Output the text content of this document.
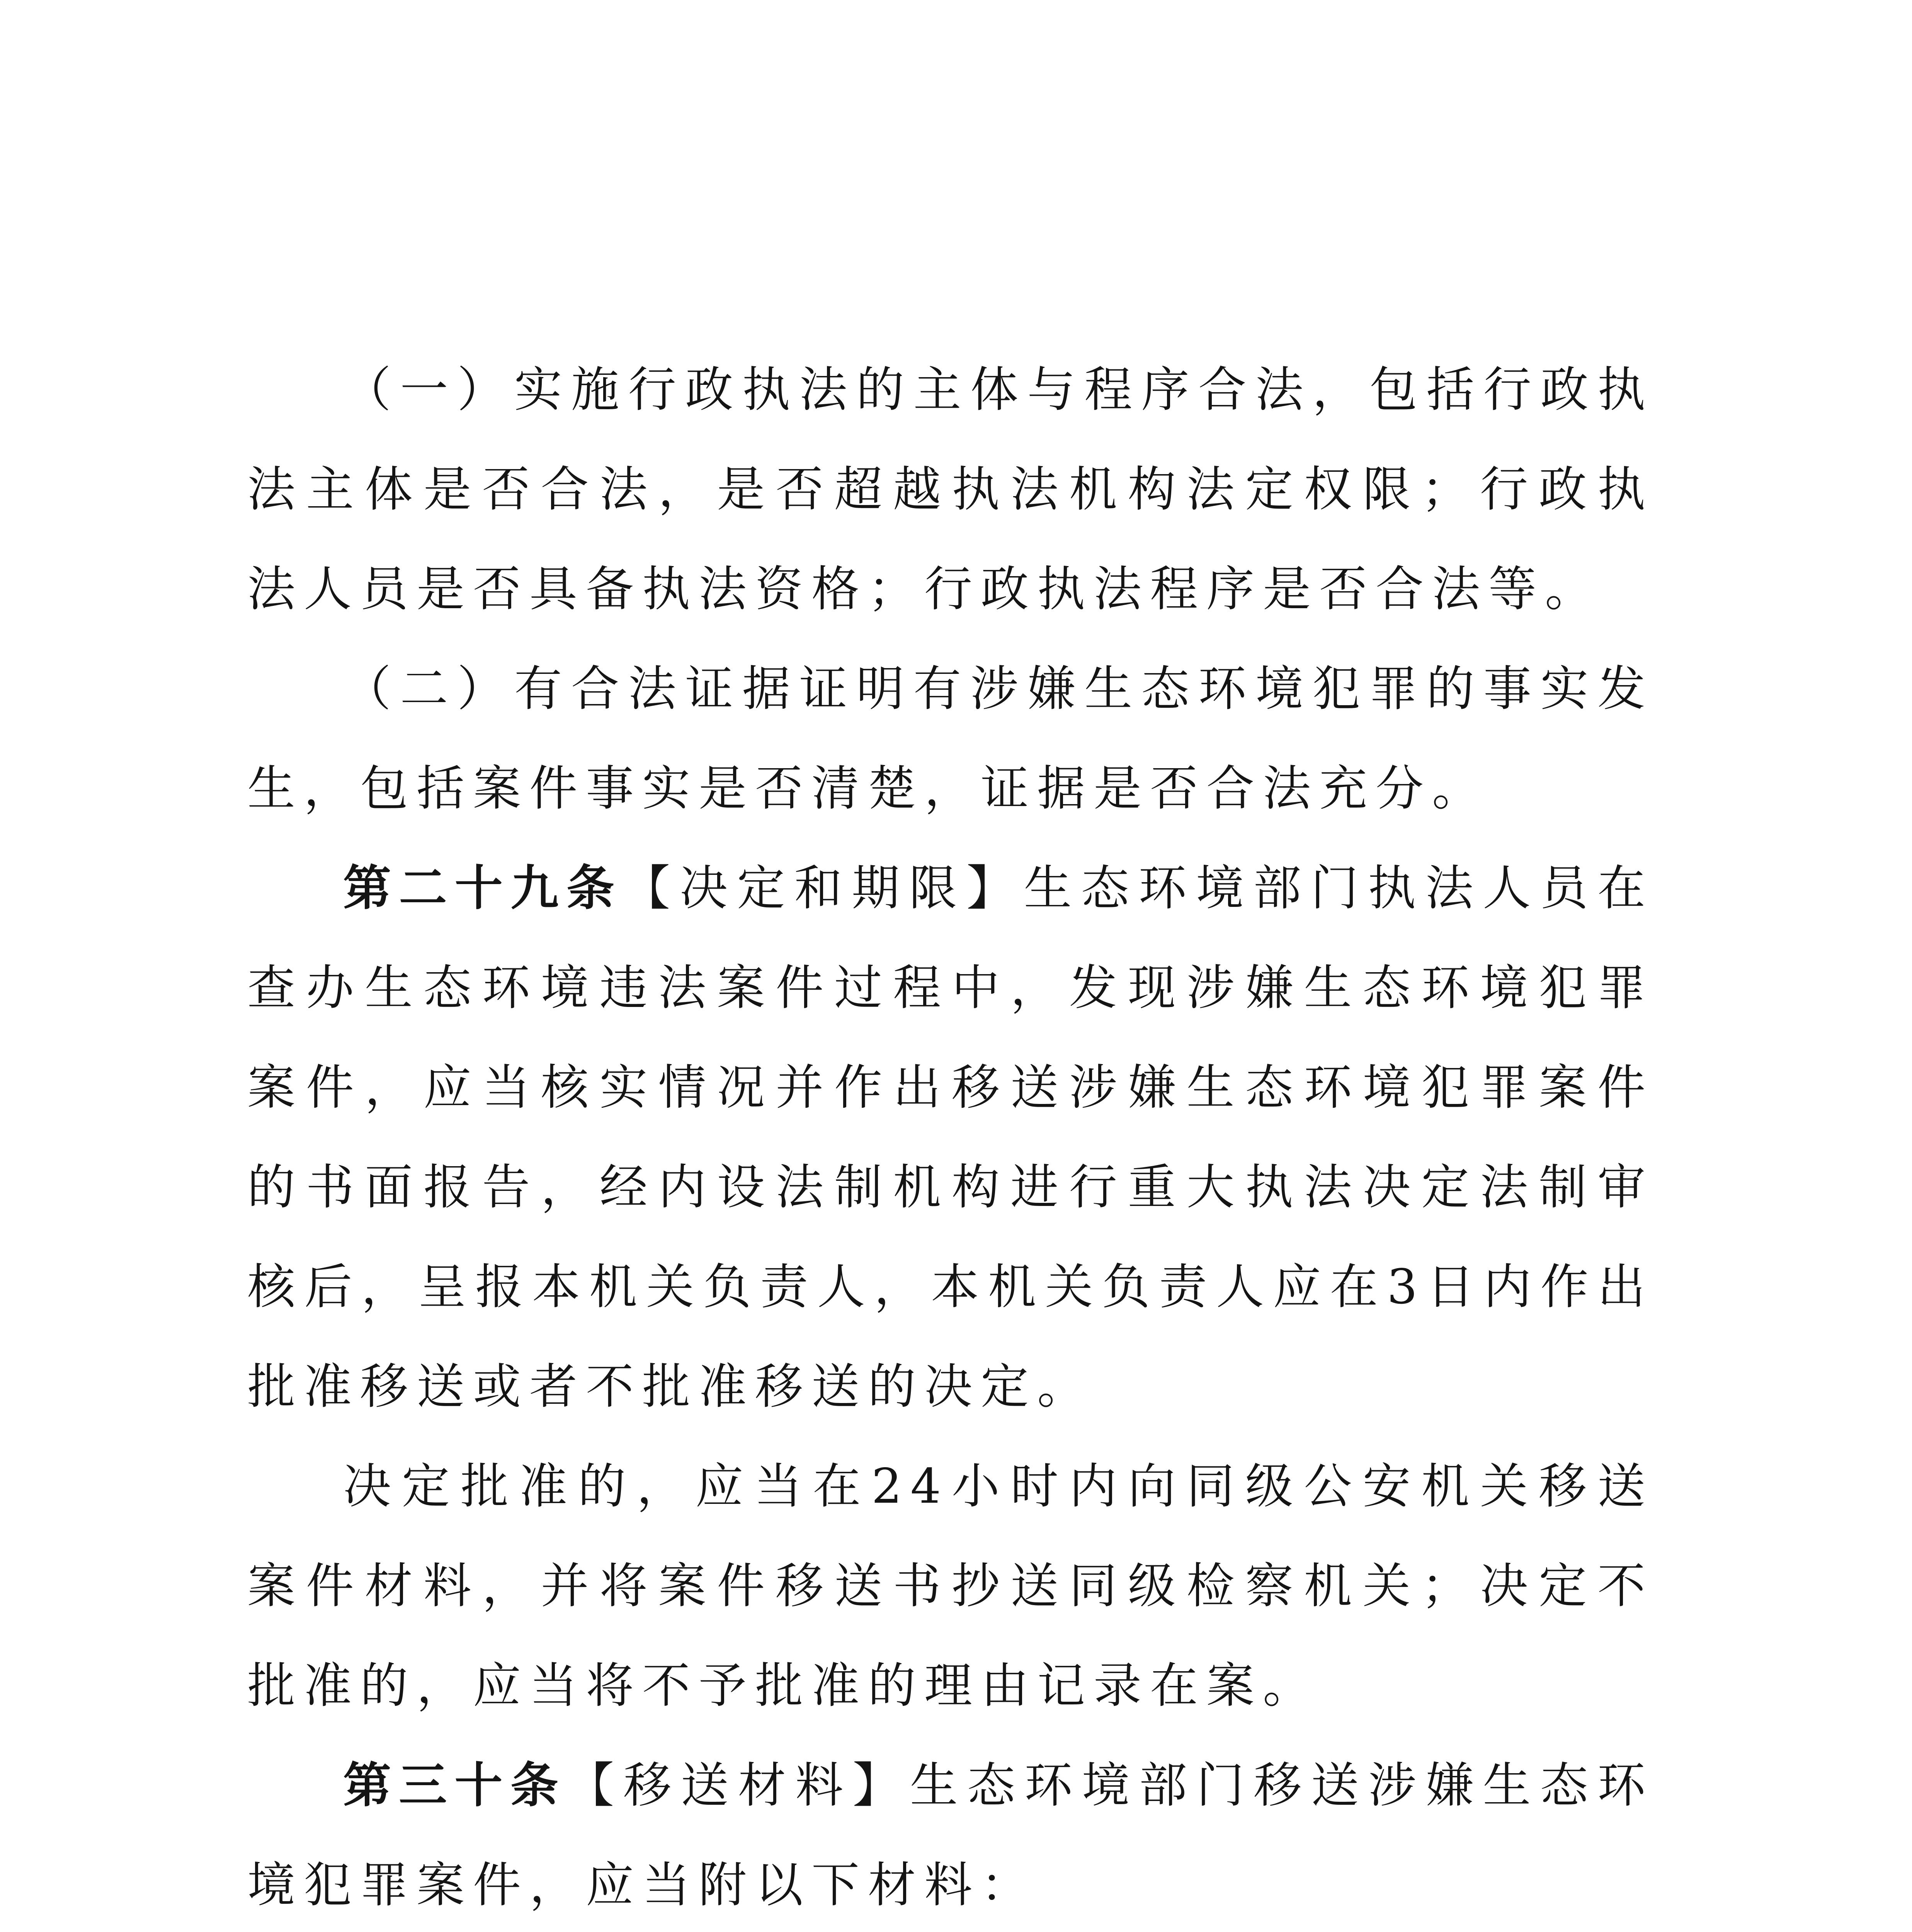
（一）实施行政执法的主体与程序合法，包括行政执法主体是否合法，是否超越执法机构法定权限；行政执法人员是否具备执法资格；行政执法程序是否合法等。

（二）有合法证据证明有涉嫌生态环境犯罪的事实发生，包括案件事实是否清楚，证据是否合法充分。

第二十九条【决定和期限】生态环境部门执法人员在查办生态环境违法案件过程中，发现涉嫌生态环境犯罪案件，应当核实情况并作出移送涉嫌生态环境犯罪案件的书面报告，经内设法制机构进行重大执法决定法制审核后，呈报本机关负责人，本机关负责人应在3日内作出批准移送或者不批准移送的决定。

决定批准的，应当在24小时内向同级公安机关移送案件材料，并将案件移送书抄送同级检察机关；决定不批准的，应当将不予批准的理由记录在案。

第三十条【移送材料】生态环境部门移送涉嫌生态环境犯罪案件，应当附以下材料：
